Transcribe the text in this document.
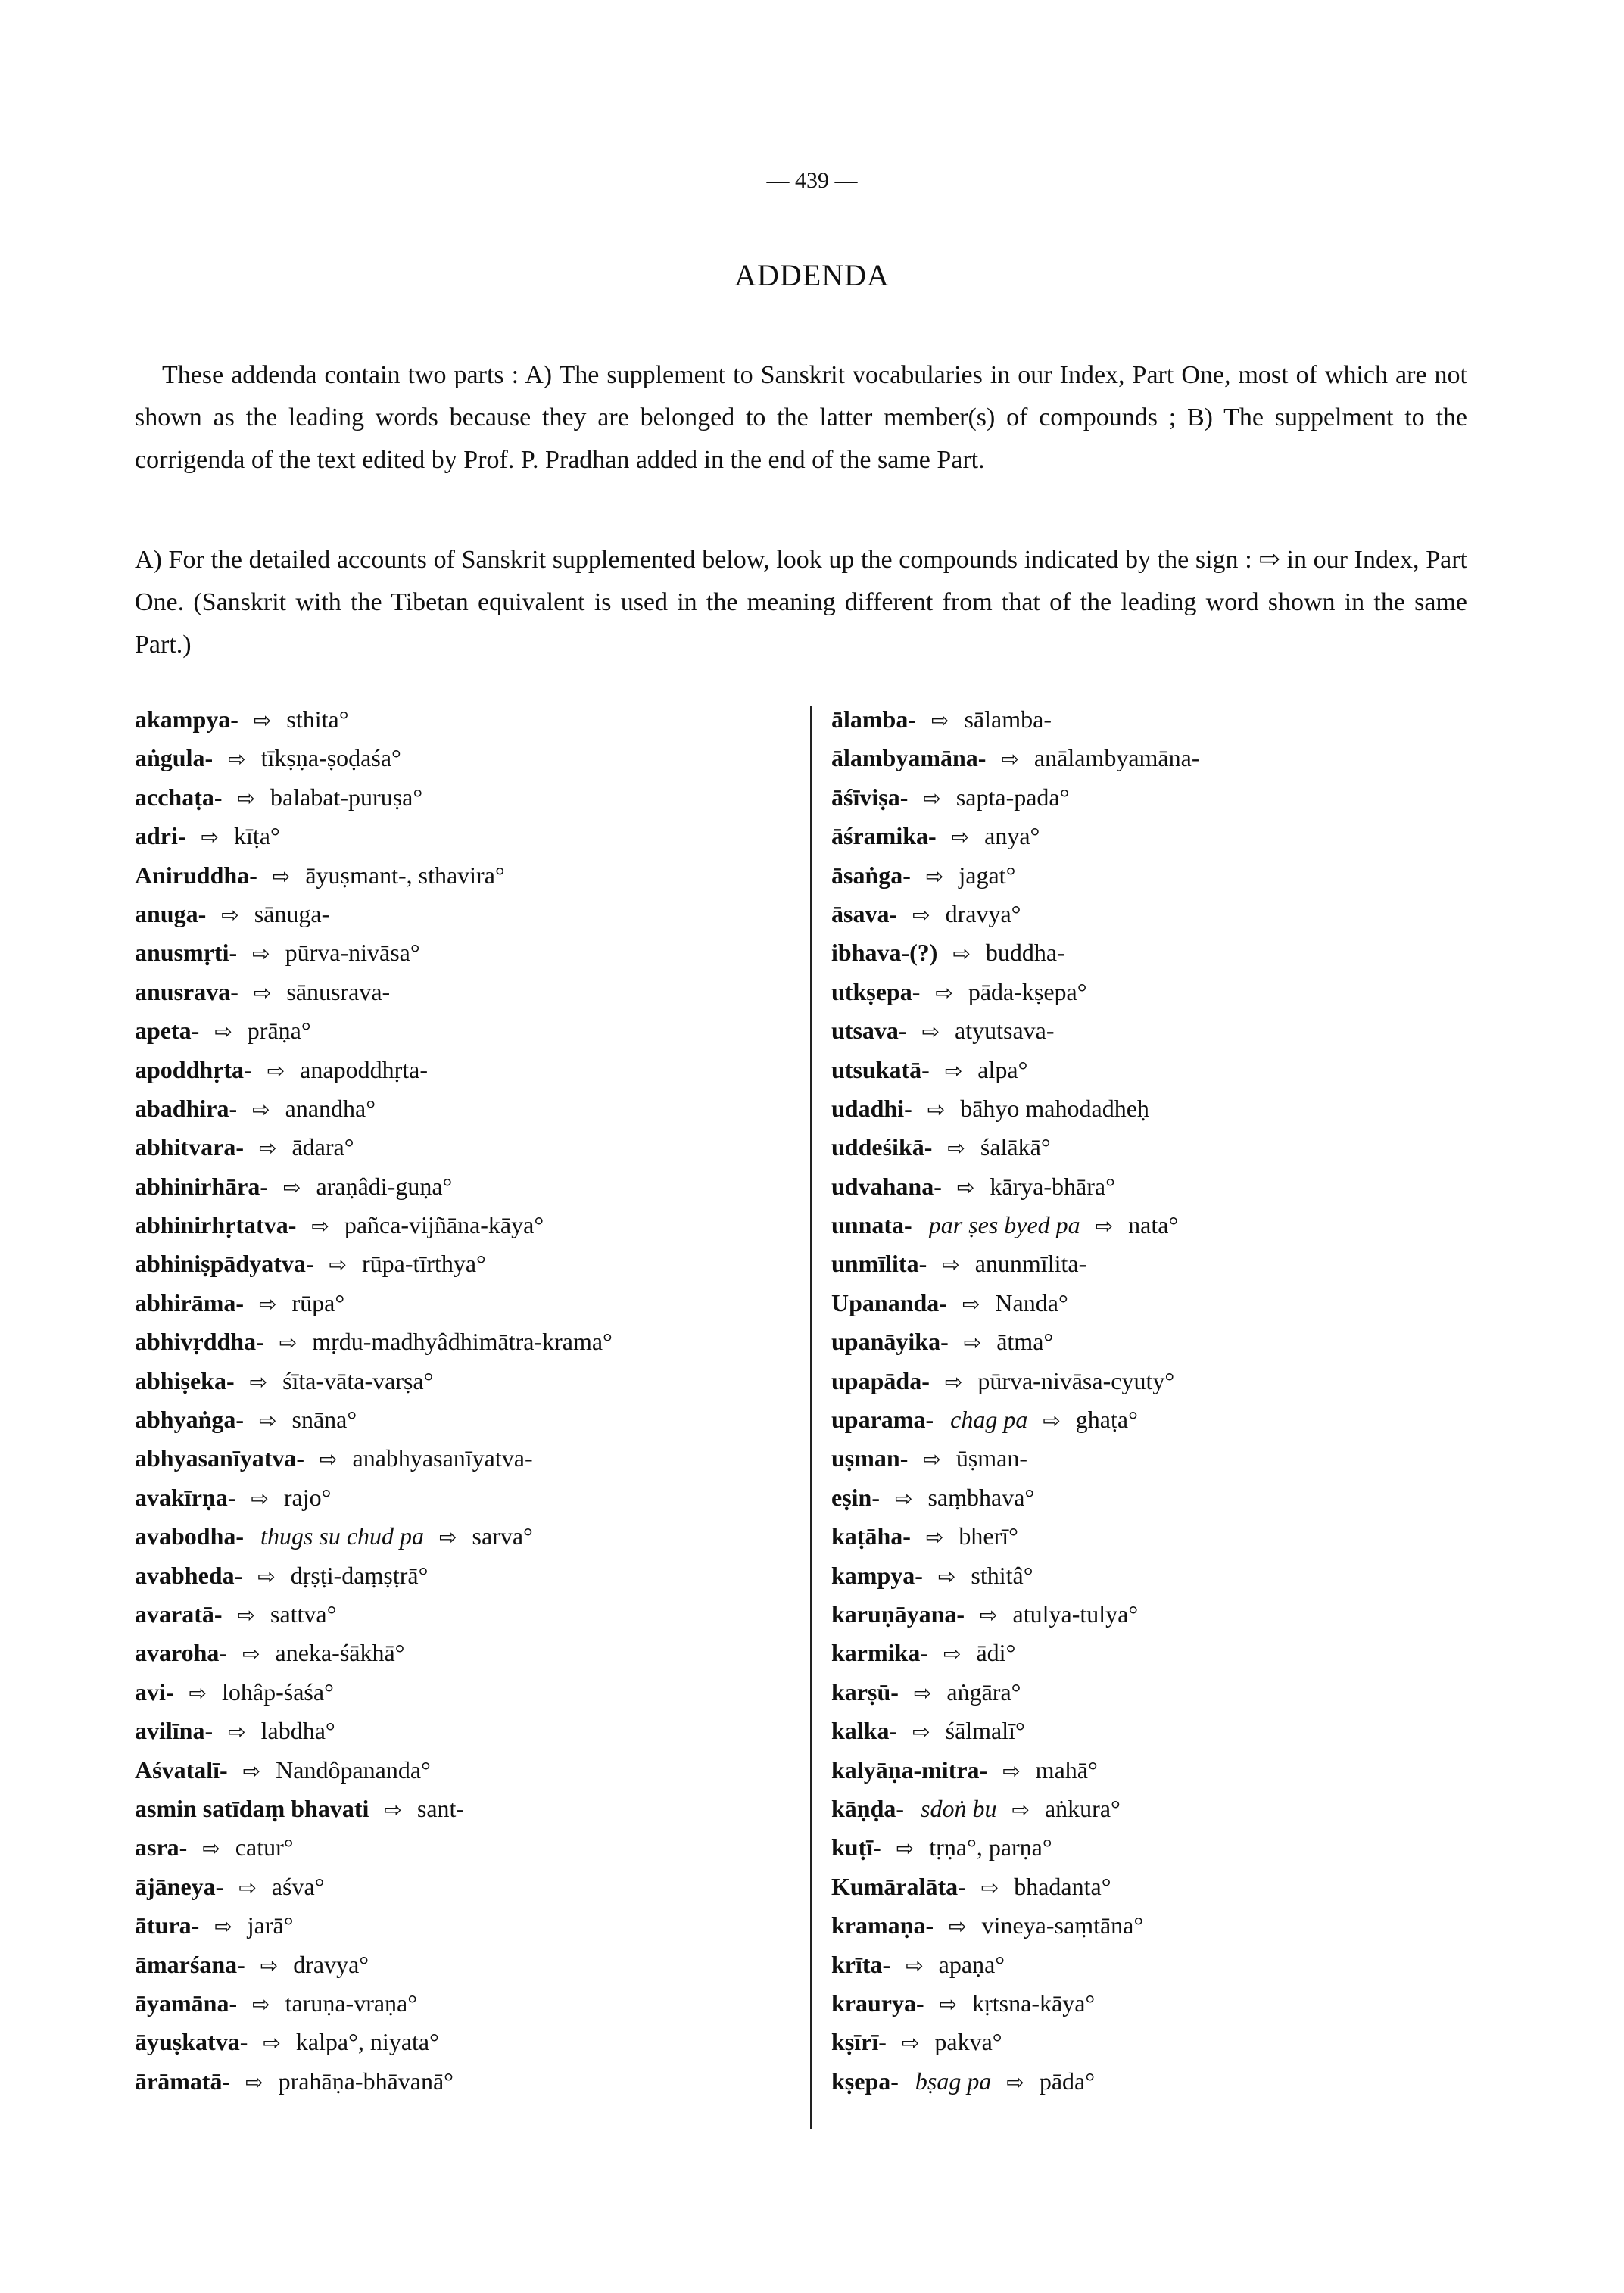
— 439 —
ADDENDA

These addenda contain two parts : A) The supplement to Sanskrit vocabularies in our Index, Part One, most of which are not shown as the leading words because they are belonged to the latter member(s) of compounds ; B) The suppelment to the corrigenda of the text edited by Prof. P. Pradhan added in the end of the same Part.

A) For the detailed accounts of Sanskrit supplemented below, look up the compounds indicated by the sign : ⇨ in our Index, Part One. (Sanskrit with the Tibetan equivalent is used in the meaning different from that of the leading word shown in the same Part.)

akampya- ⇨ sthita°
aṅgula- ⇨ tīkṣṇa-ṣoḍaśa°
acchaṭa- ⇨ balabat-puruṣa°
adri- ⇨ kīṭa°
Aniruddha- ⇨ āyuṣmant-, sthavira°
anuga- ⇨ sānuga-
anusmṛti- ⇨ pūrva-nivāsa°
anusrava- ⇨ sānusrava-
apeta- ⇨ prāṇa°
apoddhṛta- ⇨ anapoddhṛta-
abadhira- ⇨ anandha°
abhitvara- ⇨ ādara°
abhinirhāra- ⇨ araṇâdi-guṇa°
abhinirhṛtatva- ⇨ pañca-vijñāna-kāya°
abhiniṣpādyatva- ⇨ rūpa-tīrthya°
abhirāma- ⇨ rūpa°
abhivṛddha- ⇨ mṛdu-madhyâdhimātra-krama°
abhiṣeka- ⇨ śīta-vāta-varṣa°
abhyaṅga- ⇨ snāna°
abhyasanīyatva- ⇨ anabhyasanīyatva-
avakīrṇa- ⇨ rajo°
avabodha- thugs su chud pa ⇨ sarva°
avabheda- ⇨ dṛṣṭi-daṃṣṭrā°
avaratā- ⇨ sattva°
avaroha- ⇨ aneka-śākhā°
avi- ⇨ lohâp-śaśa°
avilīna- ⇨ labdha°
Aśvatalī- ⇨ Nandôpananda°
asmin satīdaṃ bhavati ⇨ sant-
asra- ⇨ catur°
ājāneya- ⇨ aśva°
ātura- ⇨ jarā°
āmarśana- ⇨ dravya°
āyamāna- ⇨ taruṇa-vraṇa°
āyuṣkatva- ⇨ kalpa°, niyata°
ārāmatā- ⇨ prahāṇa-bhāvanā°
ālamba- ⇨ sālamba-
ālambyamāna- ⇨ anālambyamāna-
āśīviṣa- ⇨ sapta-pada°
āśramika- ⇨ anya°
āsaṅga- ⇨ jagat°
āsava- ⇨ dravya°
ibhava-(?) ⇨ buddha-
utkṣepa- ⇨ pāda-kṣepa°
utsava- ⇨ atyutsava-
utsukatā- ⇨ alpa°
udadhi- ⇨ bāhyo mahodadheḥ
uddeśikā- ⇨ śalākā°
udvahana- ⇨ kārya-bhāra°
unnata- par ṣes byed pa ⇨ nata°
unmīlita- ⇨ anunmīlita-
Upananda- ⇨ Nanda°
upanāyika- ⇨ ātma°
upapāda- ⇨ pūrva-nivāsa-cyuty°
uparama- chag pa ⇨ ghaṭa°
uṣman- ⇨ ūṣman-
eṣin- ⇨ saṃbhava°
kaṭāha- ⇨ bherī°
kampya- ⇨ sthitâ°
karuṇāyana- ⇨ atulya-tulya°
karmika- ⇨ ādi°
karṣū- ⇨ aṅgāra°
kalka- ⇨ śālmalī°
kalyāṇa-mitra- ⇨ mahā°
kāṇḍa- sdoṅ bu ⇨ aṅkura°
kuṭī- ⇨ tṛṇa°, parṇa°
Kumāralāta- ⇨ bhadanta°
kramaṇa- ⇨ vineya-saṃtāna°
krīta- ⇨ apaṇa°
kraurya- ⇨ kṛtsna-kāya°
kṣīrī- ⇨ pakva°
kṣepa- bṣag pa ⇨ pāda°
